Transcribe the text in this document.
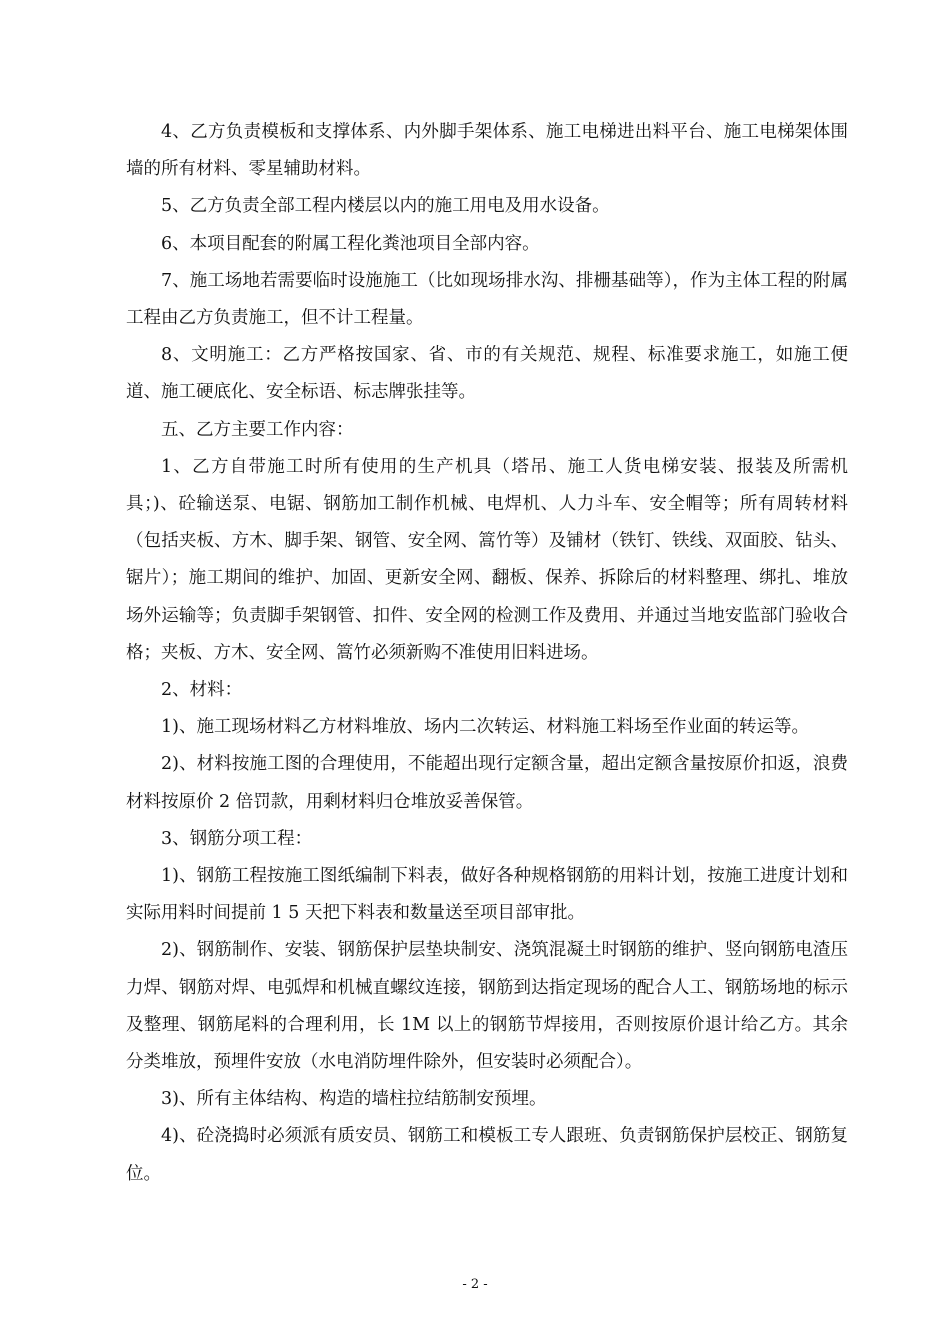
4、乙方负责模板和支撑体系、内外脚手架体系、施工电梯进出料平台、施工电梯架体围墙的所有材料、零星辅助材料。

5、乙方负责全部工程内楼层以内的施工用电及用水设备。

6、本项目配套的附属工程化粪池项目全部内容。

7、施工场地若需要临时设施施工（比如现场排水沟、排栅基础等），作为主体工程的附属工程由乙方负责施工，但不计工程量。

8、文明施工：乙方严格按国家、省、市的有关规范、规程、标准要求施工，如施工便道、施工硬底化、安全标语、标志牌张挂等。

五、乙方主要工作内容：

1、乙方自带施工时所有使用的生产机具（塔吊、施工人货电梯安装、报装及所需机具；)、砼输送泵、电锯、钢筋加工制作机械、电焊机、人力斗车、安全帽等；所有周转材料（包括夹板、方木、脚手架、钢管、安全网、篙竹等）及铺材（铁钉、铁线、双面胶、钻头、锯片）；施工期间的维护、加固、更新安全网、翻板、保养、拆除后的材料整理、绑扎、堆放场外运输等；负责脚手架钢管、扣件、安全网的检测工作及费用、并通过当地安监部门验收合格；夹板、方木、安全网、篙竹必须新购不准使用旧料进场。

2、材料：

1)、施工现场材料乙方材料堆放、场内二次转运、材料施工料场至作业面的转运等。

2)、材料按施工图的合理使用，不能超出现行定额含量，超出定额含量按原价扣返，浪费材料按原价 2 倍罚款，用剩材料归仓堆放妥善保管。

3、钢筋分项工程：

1)、钢筋工程按施工图纸编制下料表，做好各种规格钢筋的用料计划，按施工进度计划和实际用料时间提前 1 5 天把下料表和数量送至项目部审批。

2)、钢筋制作、安装、钢筋保护层垫块制安、浇筑混凝土时钢筋的维护、竖向钢筋电渣压力焊、钢筋对焊、电弧焊和机械直螺纹连接，钢筋到达指定现场的配合人工、钢筋场地的标示及整理、钢筋尾料的合理利用，长 1M 以上的钢筋节焊接用，否则按原价退计给乙方。其余分类堆放，预埋件安放（水电消防埋件除外，但安装时必须配合）。

3)、所有主体结构、构造的墙柱拉结筋制安预埋。

4)、砼浇捣时必须派有质安员、钢筋工和模板工专人跟班、负责钢筋保护层校正、钢筋复位。

- 2 -
